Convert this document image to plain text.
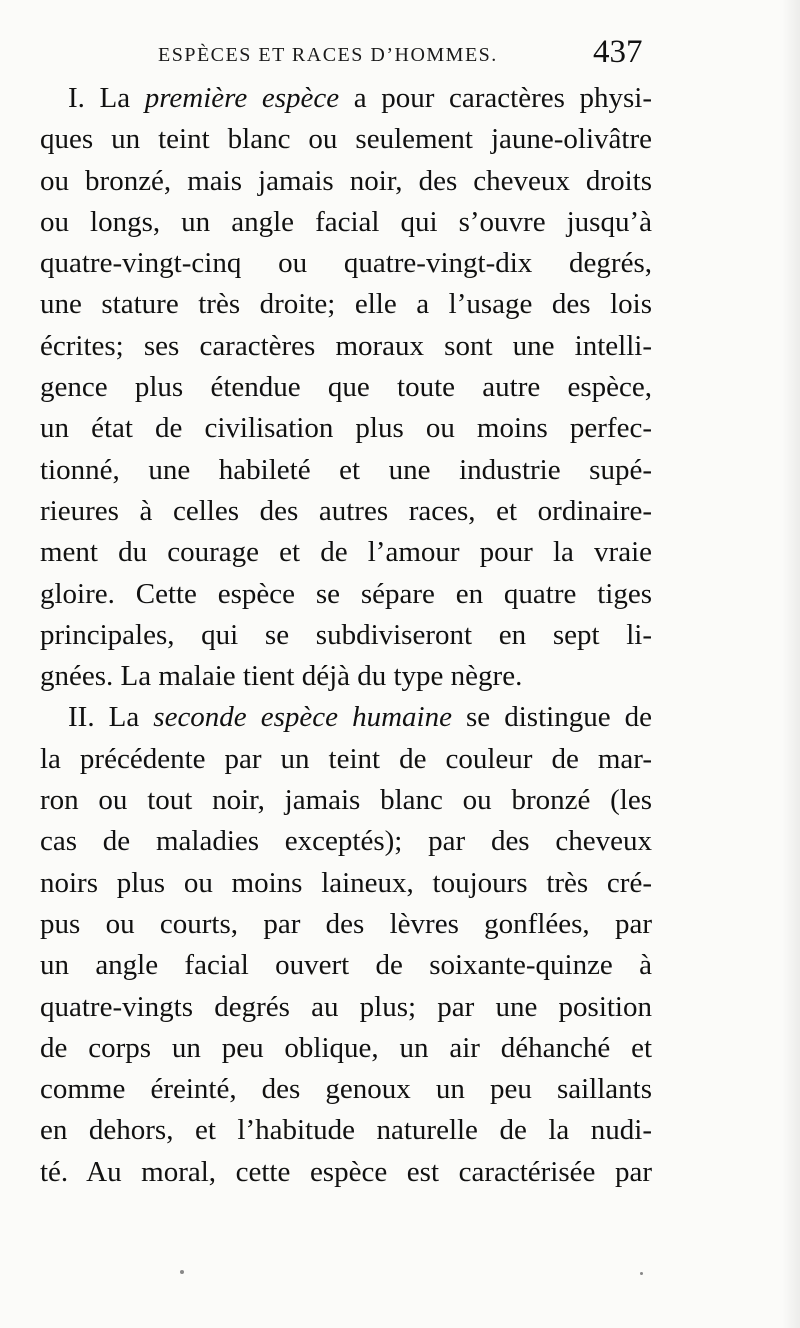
ESPÈCES ET RACES D’HOMMES.	437
I. La première espèce a pour caractères physi-
ques un teint blanc ou seulement jaune-olivâtre
ou bronzé, mais jamais noir, des cheveux droits
ou longs, un angle facial qui s’ouvre jusqu’à
quatre-vingt-cinq ou quatre-vingt-dix degrés,
une stature très droite; elle a l’usage des lois
écrites; ses caractères moraux sont une intelli-
gence plus étendue que toute autre espèce,
un état de civilisation plus ou moins perfec-
tionné, une habileté et une industrie supé-
rieures à celles des autres races, et ordinaire-
ment du courage et de l’amour pour la vraie
gloire. Cette espèce se sépare en quatre tiges
principales, qui se subdiviseront en sept li-
gnées. La malaie tient déjà du type nègre.
II. La seconde espèce humaine se distingue de
la précédente par un teint de couleur de mar-
ron ou tout noir, jamais blanc ou bronzé (les
cas de maladies exceptés); par des cheveux
noirs plus ou moins laineux, toujours très cré-
pus ou courts, par des lèvres gonflées, par
un angle facial ouvert de soixante-quinze à
quatre-vingts degrés au plus; par une position
de corps un peu oblique, un air déhanché et
comme éreinté, des genoux un peu saillants
en dehors, et l’habitude naturelle de la nudi-
té. Au moral, cette espèce est caractérisée par
